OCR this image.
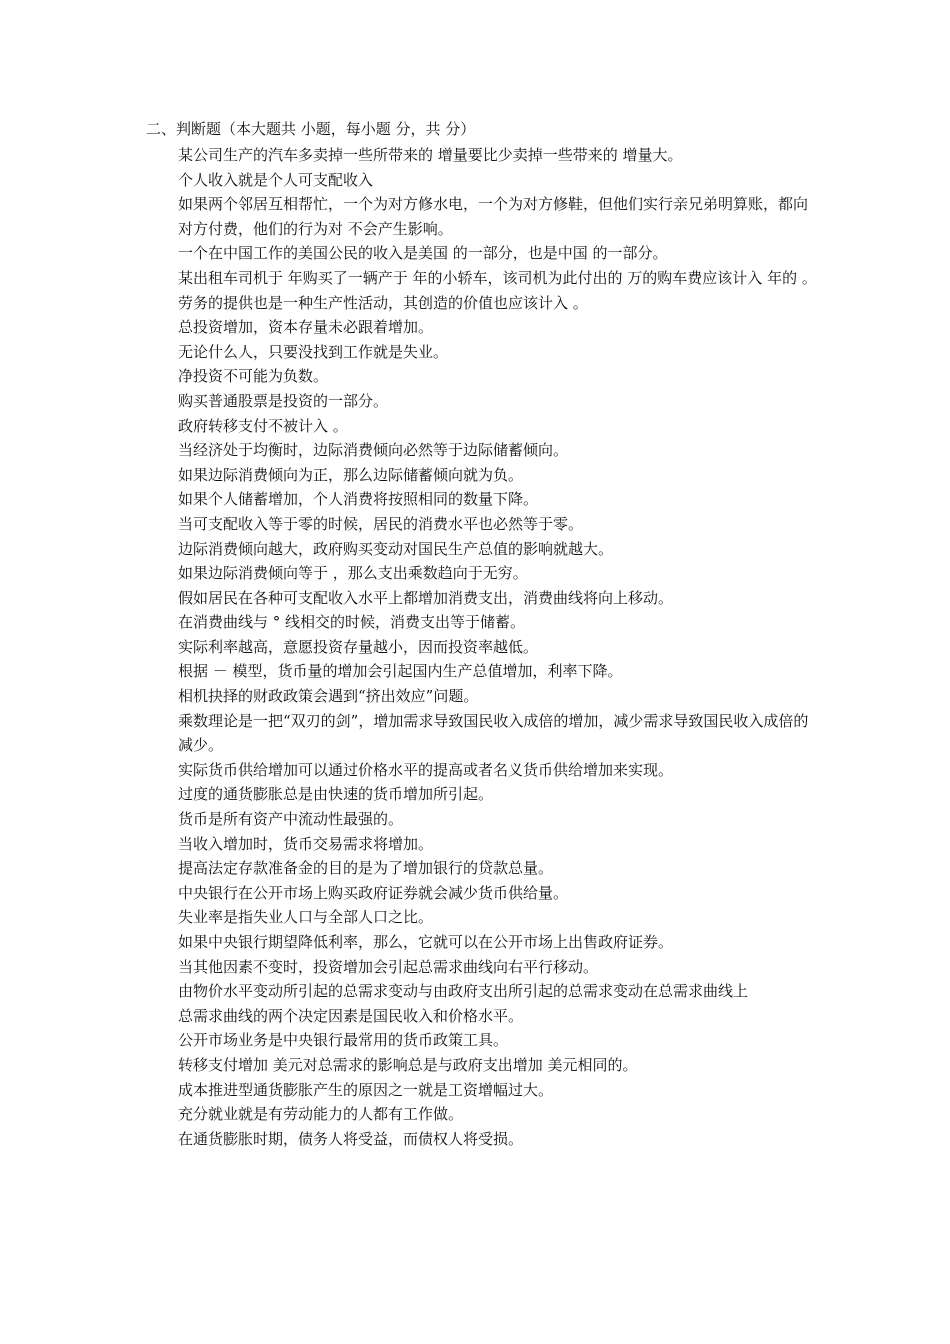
二、判断题（本大题共 小题，每小题 分，共 分）
某公司生产的汽车多卖掉一些所带来的 增量要比少卖掉一些带来的 增量大。
个人收入就是个人可支配收入
如果两个邻居互相帮忙，一个为对方修水电，一个为对方修鞋，但他们实行亲兄弟明算账，都向对方付费，他们的行为对 不会产生影响。
一个在中国工作的美国公民的收入是美国 的一部分，也是中国 的一部分。
某出租车司机于 年购买了一辆产于 年的小轿车，该司机为此付出的 万的购车费应该计入 年的 。
劳务的提供也是一种生产性活动，其创造的价值也应该计入 。
总投资增加，资本存量未必跟着增加。
无论什么人，只要没找到工作就是失业。
净投资不可能为负数。
购买普通股票是投资的一部分。
政府转移支付不被计入 。
当经济处于均衡时，边际消费倾向必然等于边际储蓄倾向。
如果边际消费倾向为正，那么边际储蓄倾向就为负。
如果个人储蓄增加，个人消费将按照相同的数量下降。
当可支配收入等于零的时候，居民的消费水平也必然等于零。
边际消费倾向越大，政府购买变动对国民生产总值的影响就越大。
如果边际消费倾向等于 ，那么支出乘数趋向于无穷。
假如居民在各种可支配收入水平上都增加消费支出，消费曲线将向上移动。
在消费曲线与 ° 线相交的时候，消费支出等于储蓄。
实际利率越高，意愿投资存量越小，因而投资率越低。
根据 － 模型，货币量的增加会引起国内生产总值增加，利率下降。
相机抉择的财政政策会遇到“挤出效应”问题。
乘数理论是一把“双刃的剑”，增加需求导致国民收入成倍的增加，减少需求导致国民收入成倍的减少。
实际货币供给增加可以通过价格水平的提高或者名义货币供给增加来实现。
过度的通货膨胀总是由快速的货币增加所引起。
货币是所有资产中流动性最强的。
当收入增加时，货币交易需求将增加。
提高法定存款准备金的目的是为了增加银行的贷款总量。
中央银行在公开市场上购买政府证券就会减少货币供给量。
失业率是指失业人口与全部人口之比。
如果中央银行期望降低利率，那么，它就可以在公开市场上出售政府证券。
当其他因素不变时，投资增加会引起总需求曲线向右平行移动。
由物价水平变动所引起的总需求变动与由政府支出所引起的总需求变动在总需求曲线上
总需求曲线的两个决定因素是国民收入和价格水平。
公开市场业务是中央银行最常用的货币政策工具。
转移支付增加 美元对总需求的影响总是与政府支出增加 美元相同的。
成本推进型通货膨胀产生的原因之一就是工资增幅过大。
充分就业就是有劳动能力的人都有工作做。
在通货膨胀时期，债务人将受益，而债权人将受损。
